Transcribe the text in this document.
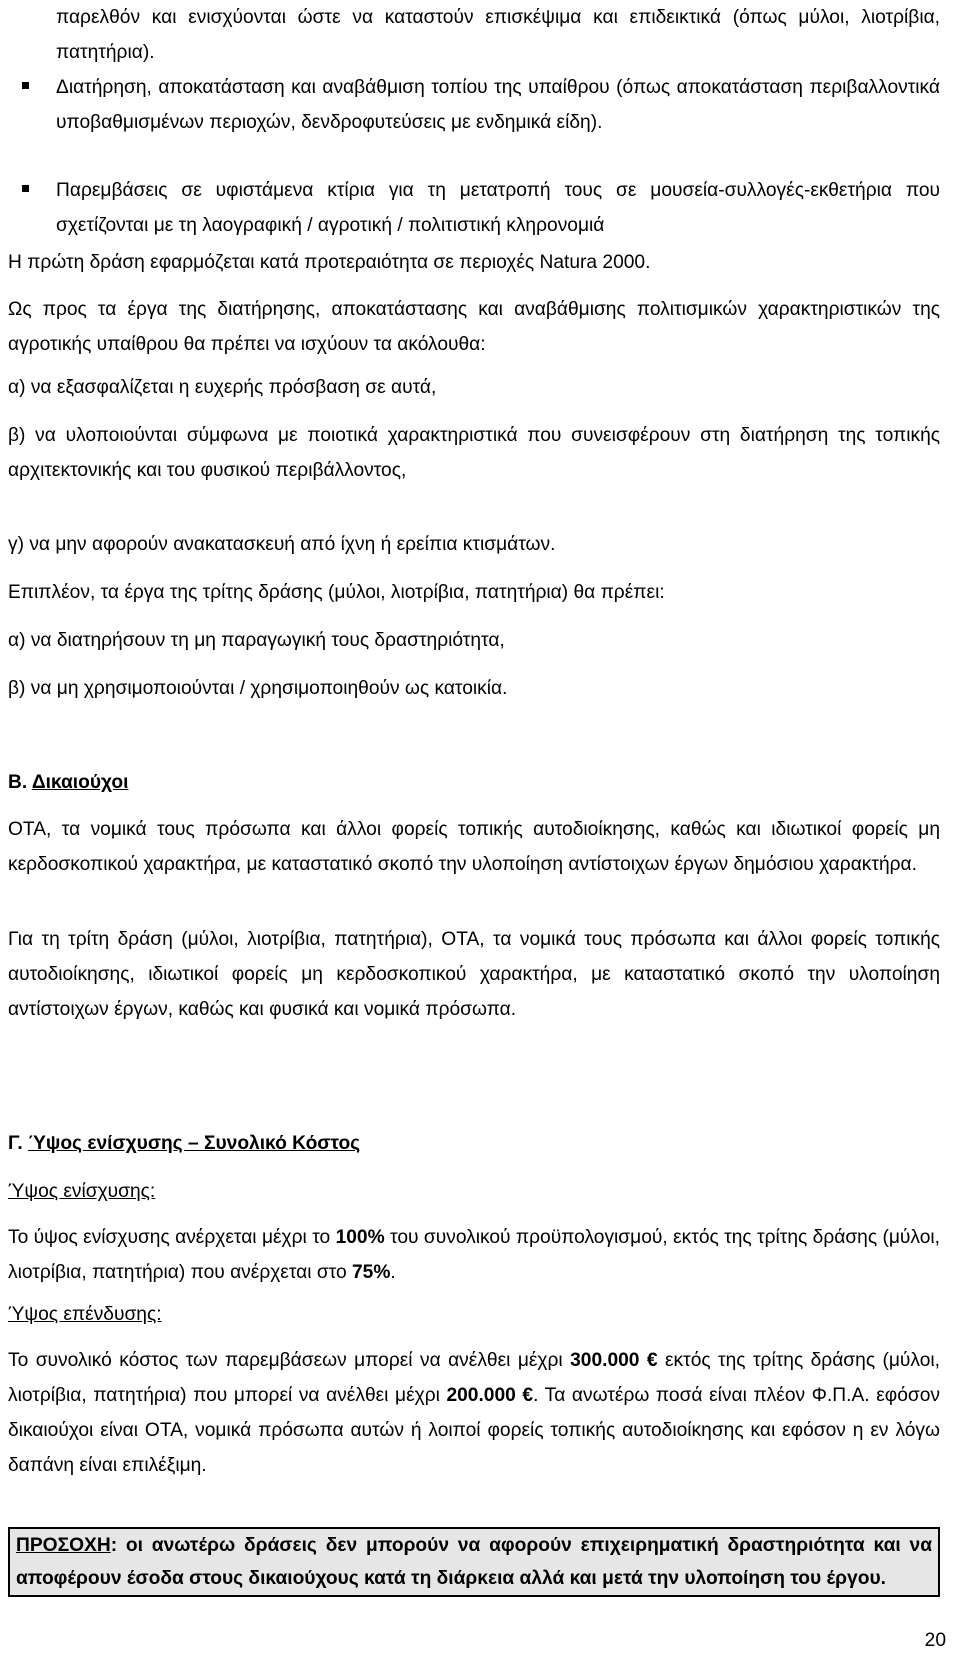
παρελθόν και ενισχύονται ώστε να καταστούν επισκέψιμα και επιδεικτικά (όπως μύλοι, λιοτρίβια, πατητήρια).

Διατήρηση, αποκατάσταση και αναβάθμιση τοπίου της υπαίθρου (όπως αποκατάσταση περιβαλλοντικά υποβαθμισμένων περιοχών, δενδροφυτεύσεις με ενδημικά είδη).

Παρεμβάσεις σε υφιστάμενα κτίρια για τη μετατροπή τους σε μουσεία-συλλογές-εκθετήρια που σχετίζονται με τη λαογραφική / αγροτική / πολιτιστική κληρονομιά

Η πρώτη δράση εφαρμόζεται κατά προτεραιότητα σε περιοχές Natura 2000.

Ως προς τα έργα της διατήρησης, αποκατάστασης και αναβάθμισης πολιτισμικών χαρακτηριστικών της αγροτικής υπαίθρου θα πρέπει να ισχύουν τα ακόλουθα:

α) να εξασφαλίζεται η ευχερής πρόσβαση σε αυτά,

β) να υλοποιούνται σύμφωνα με ποιοτικά χαρακτηριστικά που συνεισφέρουν στη διατήρηση της τοπικής αρχιτεκτονικής και του φυσικού περιβάλλοντος,

γ) να μην αφορούν ανακατασκευή από ίχνη ή ερείπια κτισμάτων.

Επιπλέον, τα έργα της τρίτης δράσης (μύλοι, λιοτρίβια, πατητήρια) θα πρέπει:

α) να διατηρήσουν τη μη παραγωγική τους δραστηριότητα,

β) να μη χρησιμοποιούνται / χρησιμοποιηθούν ως κατοικία.

Β. Δικαιούχοι

ΟΤΑ, τα νομικά τους πρόσωπα και άλλοι φορείς τοπικής αυτοδιοίκησης, καθώς και ιδιωτικοί φορείς μη κερδοσκοπικού χαρακτήρα, με καταστατικό σκοπό την υλοποίηση αντίστοιχων έργων δημόσιου χαρακτήρα.

Για τη τρίτη δράση (μύλοι, λιοτρίβια, πατητήρια), ΟΤΑ, τα νομικά τους πρόσωπα και άλλοι φορείς τοπικής αυτοδιοίκησης, ιδιωτικοί φορείς μη κερδοσκοπικού χαρακτήρα, με καταστατικό σκοπό την υλοποίηση αντίστοιχων έργων, καθώς και φυσικά και νομικά πρόσωπα.

Γ. Ύψος ενίσχυσης – Συνολικό Κόστος

Ύψος ενίσχυσης:

Το ύψος ενίσχυσης ανέρχεται μέχρι το 100% του συνολικού προϋπολογισμού, εκτός της τρίτης δράσης (μύλοι, λιοτρίβια, πατητήρια) που ανέρχεται στο 75%.

Ύψος επένδυσης:

Το συνολικό κόστος των παρεμβάσεων μπορεί να ανέλθει μέχρι 300.000 € εκτός της τρίτης δράσης (μύλοι, λιοτρίβια, πατητήρια) που μπορεί να ανέλθει μέχρι 200.000 €. Τα ανωτέρω ποσά είναι πλέον Φ.Π.Α. εφόσον δικαιούχοι είναι ΟΤΑ, νομικά πρόσωπα αυτών ή λοιποί φορείς τοπικής αυτοδιοίκησης και εφόσον η εν λόγω δαπάνη είναι επιλέξιμη.

ΠΡΟΣΟΧΗ: οι ανωτέρω δράσεις δεν μπορούν να αφορούν επιχειρηματική δραστηριότητα και να αποφέρουν έσοδα στους δικαιούχους κατά τη διάρκεια αλλά και μετά την υλοποίηση του έργου.

20
